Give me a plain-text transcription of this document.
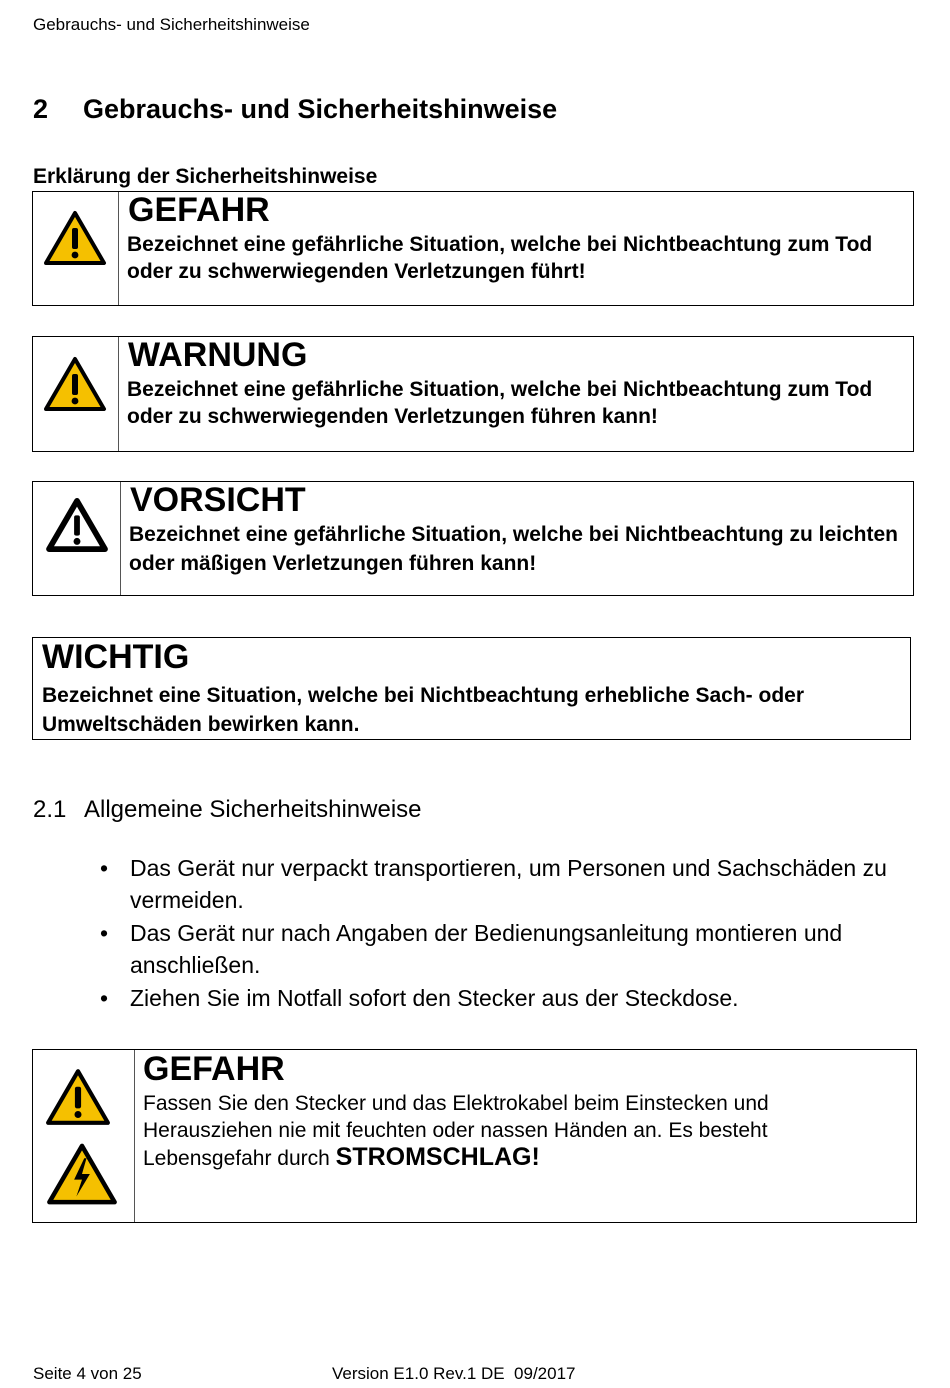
Gebrauchs- und Sicherheitshinweise
2 Gebrauchs- und Sicherheitshinweise
Erklärung der Sicherheitshinweise
GEFAHR
Bezeichnet eine gefährliche Situation, welche bei Nichtbeachtung zum Tod oder zu schwerwiegenden Verletzungen führt!
WARNUNG
Bezeichnet eine gefährliche Situation, welche bei Nichtbeachtung zum Tod oder zu schwerwiegenden Verletzungen führen kann!
VORSICHT
Bezeichnet eine gefährliche Situation, welche bei Nichtbeachtung zu leichten oder mäßigen Verletzungen führen kann!
WICHTIG
Bezeichnet eine Situation, welche bei Nichtbeachtung erhebliche Sach- oder Umweltschäden bewirken kann.
2.1 Allgemeine Sicherheitshinweise
• Das Gerät nur verpackt transportieren, um Personen und Sachschäden zu vermeiden.
• Das Gerät nur nach Angaben der Bedienungsanleitung montieren und anschließen.
• Ziehen Sie im Notfall sofort den Stecker aus der Steckdose.
GEFAHR
Fassen Sie den Stecker und das Elektrokabel beim Einstecken und Herausziehen nie mit feuchten oder nassen Händen an. Es besteht Lebensgefahr durch STROMSCHLAG!
Seite 4 von 25	Version E1.0 Rev.1 DE  09/2017
